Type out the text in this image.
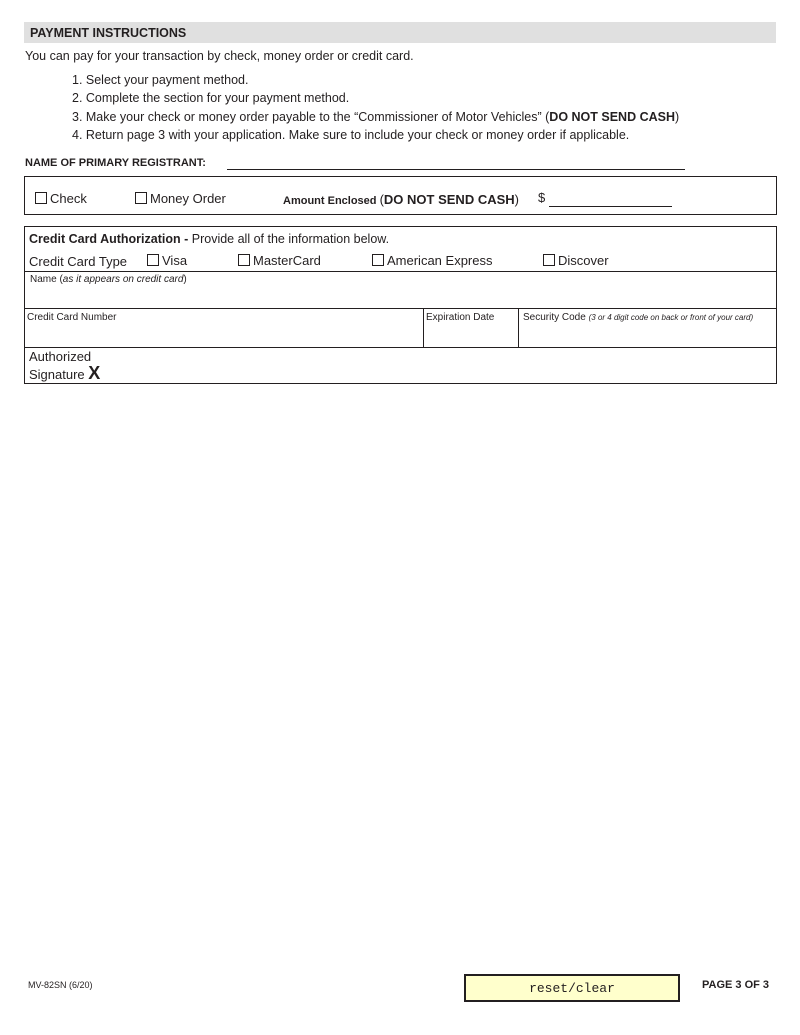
PAYMENT INSTRUCTIONS
You can pay for your transaction by check, money order or credit card.
1. Select your payment method.
2. Complete the section for your payment method.
3. Make your check or money order payable to the “Commissioner of Motor Vehicles” (DO NOT SEND CASH)
4. Return page 3 with your application. Make sure to include your check or money order if applicable.
NAME OF PRIMARY REGISTRANT:
Check	Money Order	Amount Enclosed (DO NOT SEND CASH) $
Credit Card Authorization - Provide all of the information below.
Credit Card Type	Visa	MasterCard	American Express	Discover
Name (as it appears on credit card)
Credit Card Number	Expiration Date	Security Code (3 or 4 digit code on back or front of your card)
Authorized
Signature X
MV-82SN (6/20)	reset/clear	PAGE 3 OF 3
